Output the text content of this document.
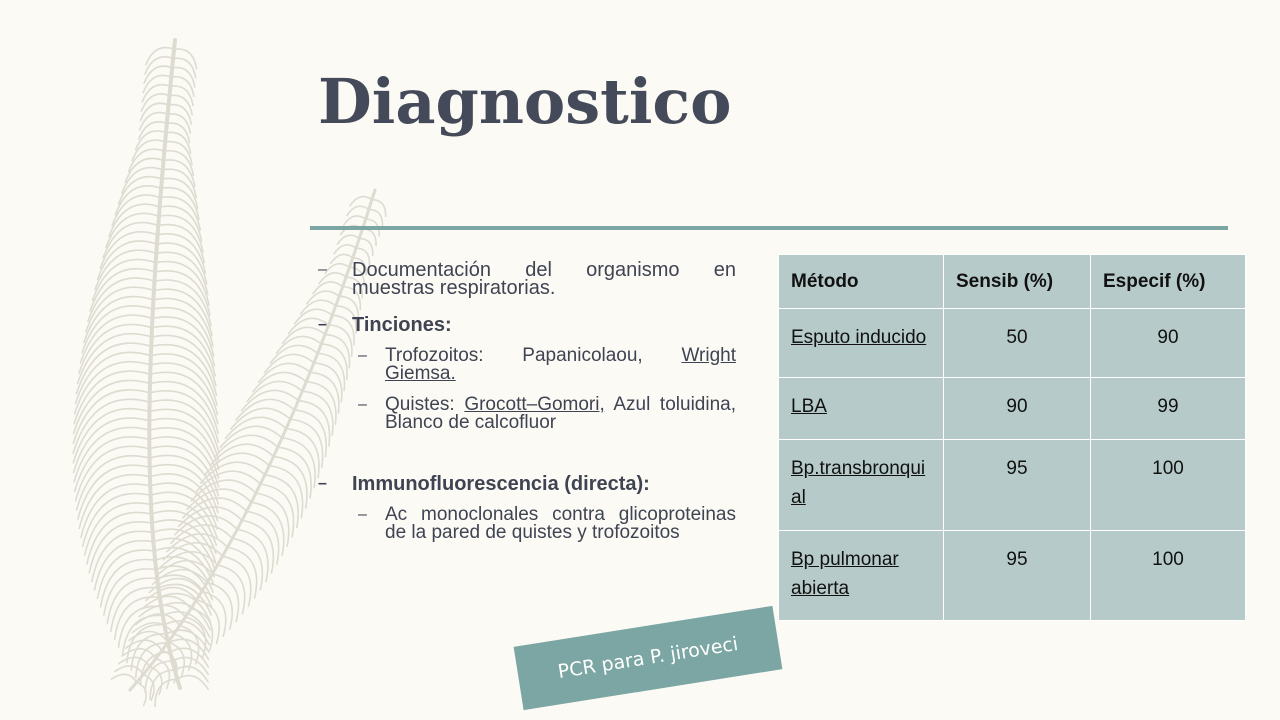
Diagnostico
– Documentación del organismo en muestras respiratorias.
– Tinciones:
– Trofozoitos: Papanicolaou, Wright Giemsa.
– Quistes: Grocott–Gomori, Azul toluidina, Blanco de calcofluor
– Immunofluorescencia (directa):
– Ac monoclonales contra glicoproteinas de la pared de quistes y trofozoitos
Método	Sensib (%)	Especif (%)
Esputo inducido	50	90
LBA	90	99
Bp.transbronquial	95	100
Bp pulmonar abierta	95	100
PCR para P. jiroveci
